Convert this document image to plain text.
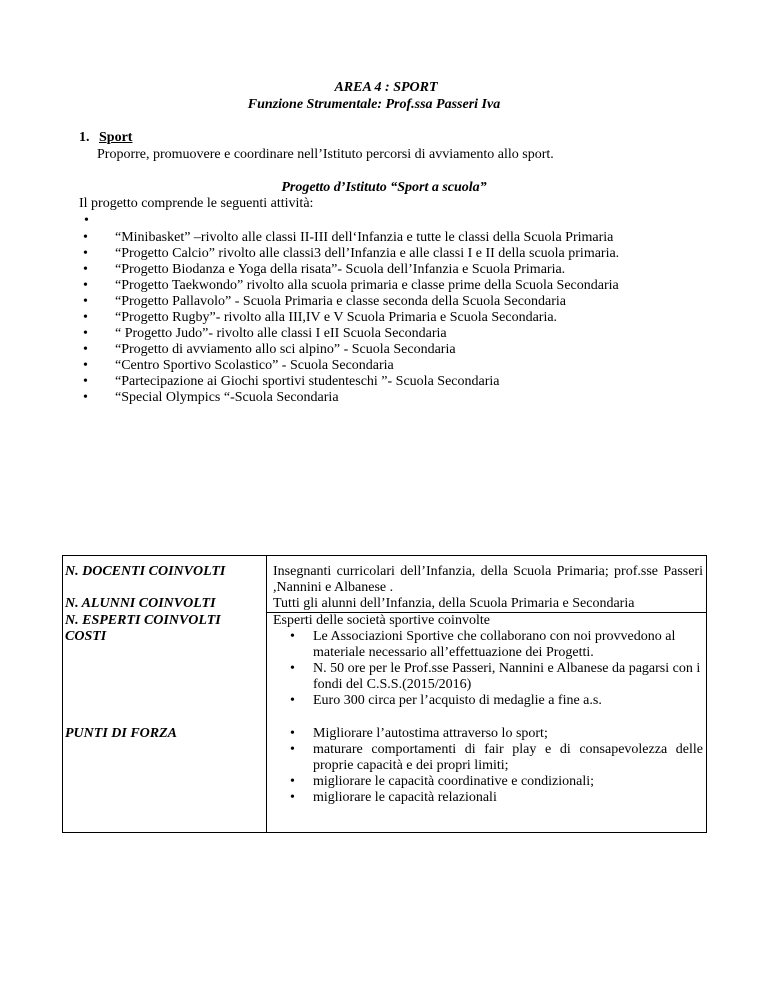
AREA 4 : SPORT
Funzione Strumentale: Prof.ssa Passeri Iva
1. Sport
Proporre, promuovere e coordinare nell’Istituto percorsi di avviamento allo sport.
Progetto d’Istituto “Sport a scuola”
Il progetto comprende le seguenti attività:
•
• “Minibasket” –rivolto alle classi II-III dell‘Infanzia e tutte le classi della Scuola Primaria
• “Progetto Calcio” rivolto alle classi3 dell’Infanzia e alle classi I e II della scuola primaria.
• “Progetto Biodanza e Yoga della risata”- Scuola dell’Infanzia e Scuola Primaria.
• “Progetto Taekwondo” rivolto alla scuola primaria e classe prime della Scuola Secondaria
• “Progetto Pallavolo” - Scuola Primaria e classe seconda della Scuola Secondaria
• “Progetto Rugby”- rivolto alla III,IV e V Scuola Primaria e Scuola Secondaria.
• “ Progetto Judo”- rivolto alle classi I eII Scuola Secondaria
• “Progetto di avviamento allo sci alpino” - Scuola Secondaria
• “Centro Sportivo Scolastico” - Scuola Secondaria
• “Partecipazione ai Giochi sportivi studenteschi ”- Scuola Secondaria
• “Special Olympics “-Scuola Secondaria
N. DOCENTI COINVOLTI	Insegnanti curricolari dell’Infanzia, della Scuola Primaria; prof.sse Passeri ,Nannini e Albanese .
N. ALUNNI COINVOLTI	Tutti gli alunni dell’Infanzia, della Scuola Primaria e Secondaria
N. ESPERTI COINVOLTI	Esperti delle società sportive coinvolte
COSTI	• Le Associazioni Sportive che collaborano con noi provvedono al materiale necessario all’effettuazione dei Progetti.
• N. 50 ore per le Prof.sse Passeri, Nannini e Albanese da pagarsi con i fondi del C.S.S.(2015/2016)
• Euro 300 circa per l’acquisto di medaglie a fine a.s.
PUNTI DI FORZA	• Migliorare l’autostima attraverso lo sport;
• maturare comportamenti di fair play e di consapevolezza delle proprie capacità e dei propri limiti;
• migliorare le capacità coordinative e condizionali;
• migliorare le capacità relazionali
